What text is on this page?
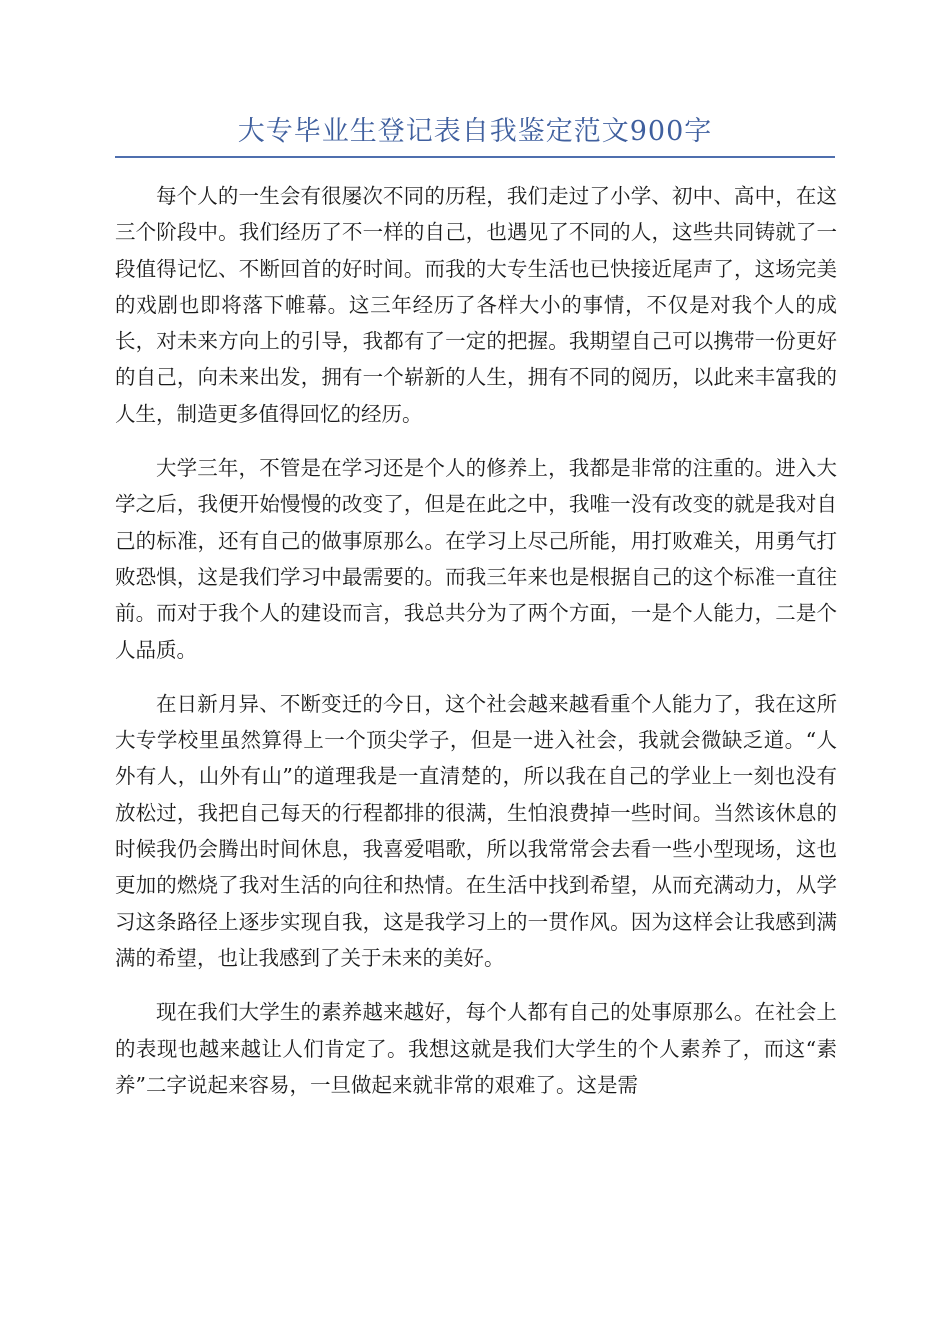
大专毕业生登记表自我鉴定范文900字

每个人的一生会有很屡次不同的历程，我们走过了小学、初中、高中，在这三个阶段中。我们经历了不一样的自己，也遇见了不同的人，这些共同铸就了一段值得记忆、不断回首的好时间。而我的大专生活也已快接近尾声了，这场完美的戏剧也即将落下帷幕。这三年经历了各样大小的事情，不仅是对我个人的成长，对未来方向上的引导，我都有了一定的把握。我期望自己可以携带一份更好的自己，向未来出发，拥有一个崭新的人生，拥有不同的阅历，以此来丰富我的人生，制造更多值得回忆的经历。

大学三年，不管是在学习还是个人的修养上，我都是非常的注重的。进入大学之后，我便开始慢慢的改变了，但是在此之中，我唯一没有改变的就是我对自己的标准，还有自己的做事原那么。在学习上尽己所能，用打败难关，用勇气打败恐惧，这是我们学习中最需要的。而我三年来也是根据自己的这个标准一直往前。而对于我个人的建设而言，我总共分为了两个方面，一是个人能力，二是个人品质。

在日新月异、不断变迁的今日，这个社会越来越看重个人能力了，我在这所大专学校里虽然算得上一个顶尖学子，但是一进入社会，我就会微缺乏道。“人外有人，山外有山”的道理我是一直清楚的，所以我在自己的学业上一刻也没有放松过，我把自己每天的行程都排的很满，生怕浪费掉一些时间。当然该休息的时候我仍会腾出时间休息，我喜爱唱歌，所以我常常会去看一些小型现场，这也更加的燃烧了我对生活的向往和热情。在生活中找到希望，从而充满动力，从学习这条路径上逐步实现自我，这是我学习上的一贯作风。因为这样会让我感到满满的希望，也让我感到了关于未来的美好。

现在我们大学生的素养越来越好，每个人都有自己的处事原那么。在社会上的表现也越来越让人们肯定了。我想这就是我们大学生的个人素养了，而这“素养”二字说起来容易，一旦做起来就非常的艰难了。这是需
